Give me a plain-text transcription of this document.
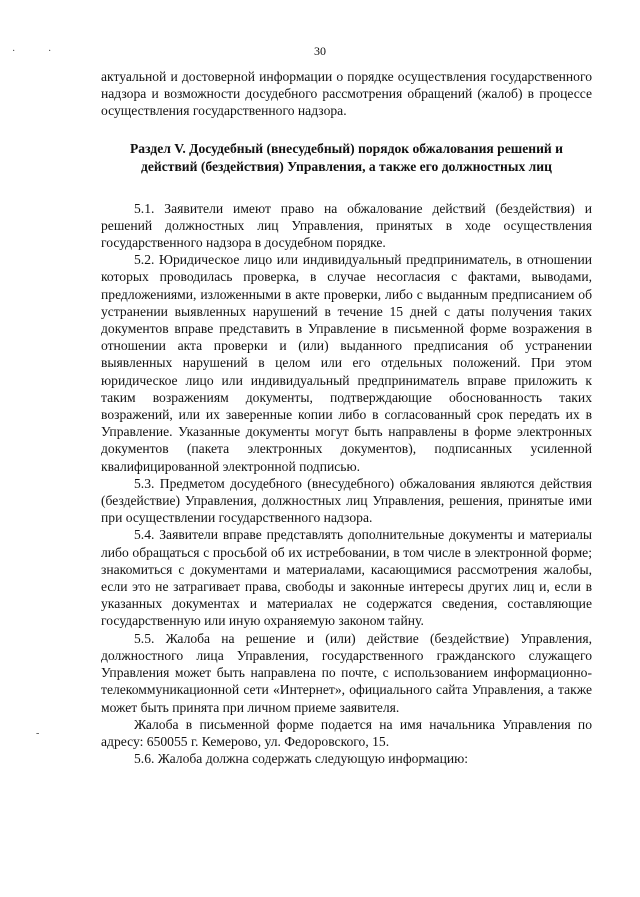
·	·
-
30

актуальной и достоверной информации о порядке осуществления государственного надзора и возможности досудебного рассмотрения обращений (жалоб) в процессе осуществления государственного надзора.

Раздел V. Досудебный (внесудебный) порядок обжалования решений и
действий (бездействия) Управления, а также его должностных лиц

5.1. Заявители имеют право на обжалование действий (бездействия) и решений должностных лиц Управления, принятых в ходе осуществления государственного надзора в досудебном порядке.

5.2. Юридическое лицо или индивидуальный предприниматель, в отношении которых проводилась проверка, в случае несогласия с фактами, выводами, предложениями, изложенными в акте проверки, либо с выданным предписанием об устранении выявленных нарушений в течение 15 дней с даты получения таких документов вправе представить в Управление в письменной форме возражения в отношении акта проверки и (или) выданного предписания об устранении выявленных нарушений в целом или его отдельных положений. При этом юридическое лицо или индивидуальный предприниматель вправе приложить к таким возражениям документы, подтверждающие обоснованность таких возражений, или их заверенные копии либо в согласованный срок передать их в Управление. Указанные документы могут быть направлены в форме электронных документов (пакета электронных документов), подписанных усиленной квалифицированной электронной подписью.

5.3. Предметом досудебного (внесудебного) обжалования являются действия (бездействие) Управления, должностных лиц Управления, решения, принятые ими при осуществлении государственного надзора.

5.4. Заявители вправе представлять дополнительные документы и материалы либо обращаться с просьбой об их истребовании, в том числе в электронной форме; знакомиться с документами и материалами, касающимися рассмотрения жалобы, если это не затрагивает права, свободы и законные интересы других лиц и, если в указанных документах и материалах не содержатся сведения, составляющие государственную или иную охраняемую законом тайну.

5.5. Жалоба на решение и (или) действие (бездействие) Управления, должностного лица Управления, государственного гражданского служащего Управления может быть направлена по почте, с использованием информационно-телекоммуникационной сети «Интернет», официального сайта Управления, а также может быть принята при личном приеме заявителя.

Жалоба в письменной форме подается на имя начальника Управления по адресу: 650055 г. Кемерово, ул. Федоровского, 15.

5.6. Жалоба должна содержать следующую информацию:
